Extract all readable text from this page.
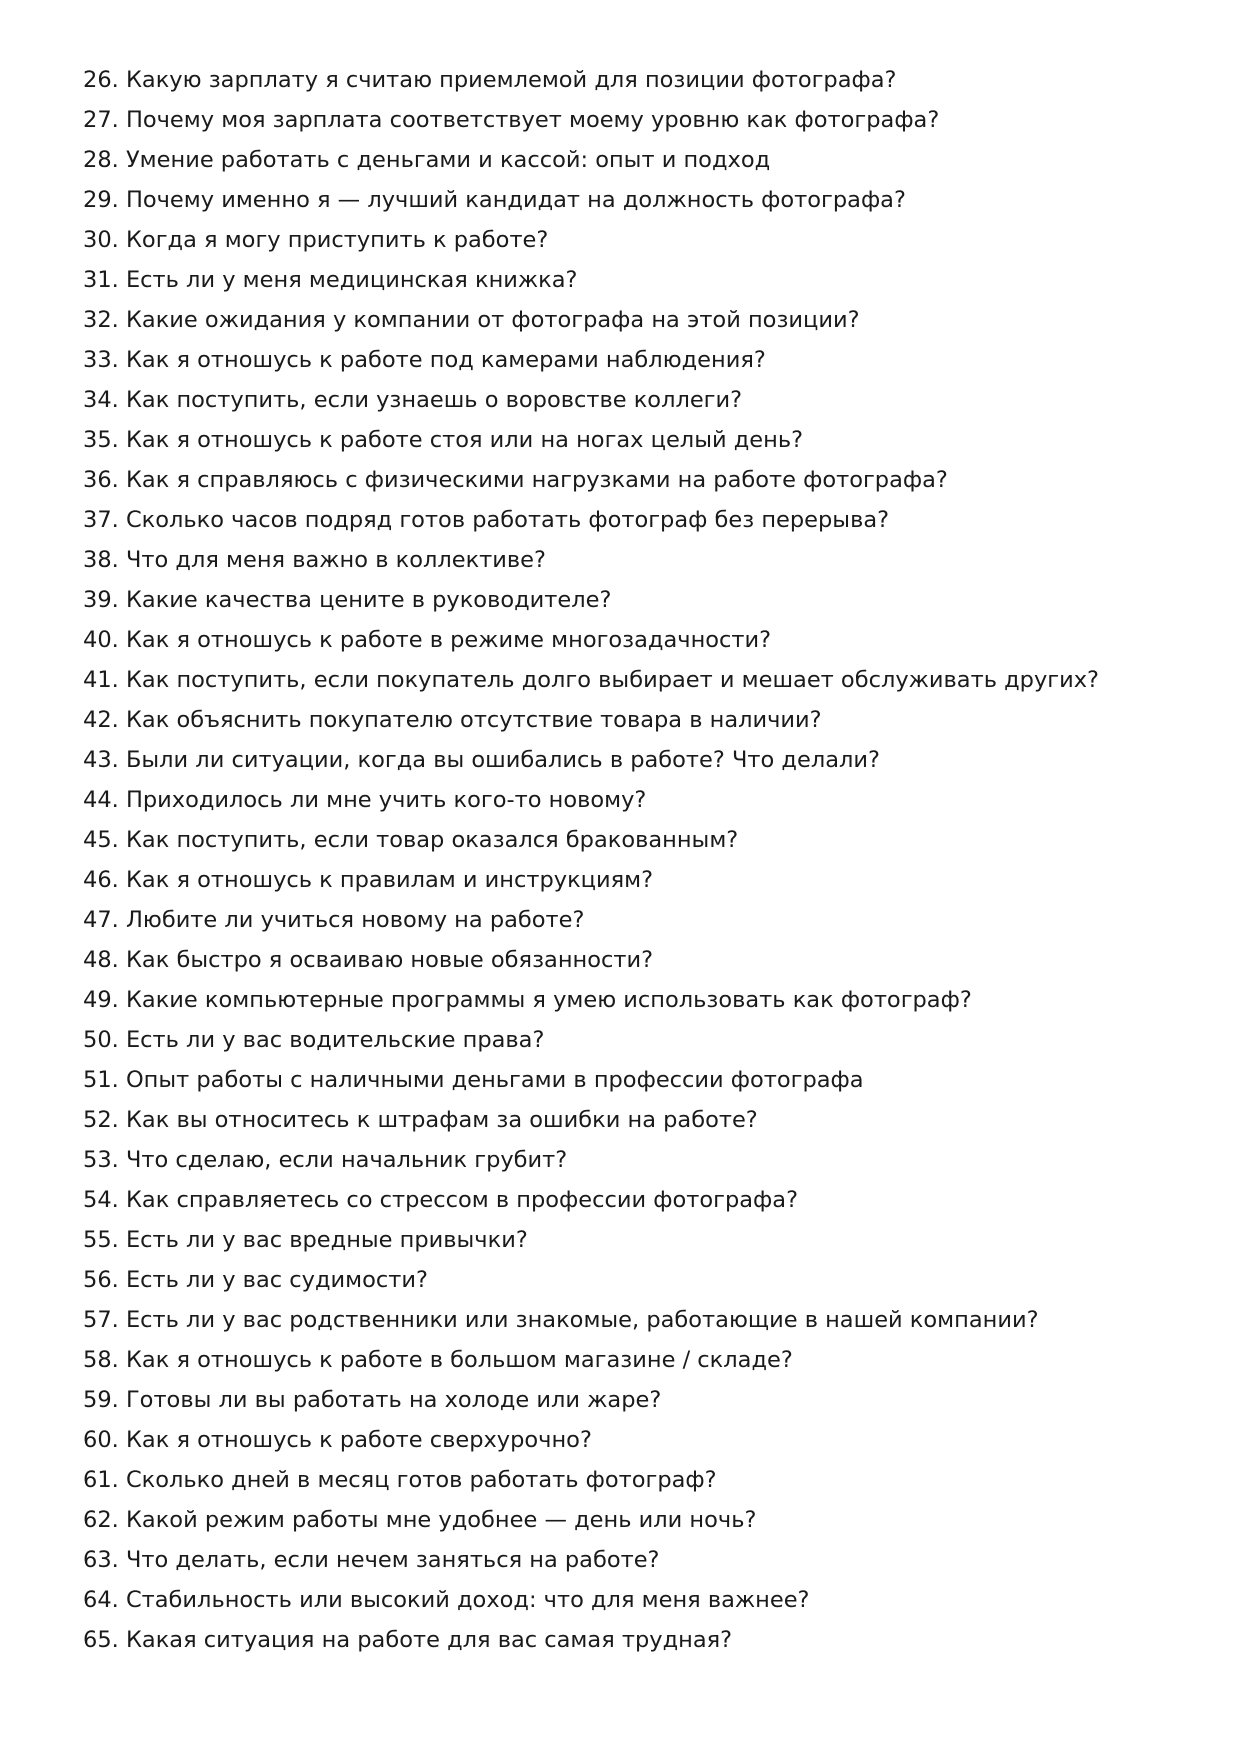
26. Какую зарплату я считаю приемлемой для позиции фотографа?
27. Почему моя зарплата соответствует моему уровню как фотографа?
28. Умение работать с деньгами и кассой: опыт и подход
29. Почему именно я — лучший кандидат на должность фотографа?
30. Когда я могу приступить к работе?
31. Есть ли у меня медицинская книжка?
32. Какие ожидания у компании от фотографа на этой позиции?
33. Как я отношусь к работе под камерами наблюдения?
34. Как поступить, если узнаешь о воровстве коллеги?
35. Как я отношусь к работе стоя или на ногах целый день?
36. Как я справляюсь с физическими нагрузками на работе фотографа?
37. Сколько часов подряд готов работать фотограф без перерыва?
38. Что для меня важно в коллективе?
39. Какие качества цените в руководителе?
40. Как я отношусь к работе в режиме многозадачности?
41. Как поступить, если покупатель долго выбирает и мешает обслуживать других?
42. Как объяснить покупателю отсутствие товара в наличии?
43. Были ли ситуации, когда вы ошибались в работе? Что делали?
44. Приходилось ли мне учить кого-то новому?
45. Как поступить, если товар оказался бракованным?
46. Как я отношусь к правилам и инструкциям?
47. Любите ли учиться новому на работе?
48. Как быстро я осваиваю новые обязанности?
49. Какие компьютерные программы я умею использовать как фотограф?
50. Есть ли у вас водительские права?
51. Опыт работы с наличными деньгами в профессии фотографа
52. Как вы относитесь к штрафам за ошибки на работе?
53. Что сделаю, если начальник грубит?
54. Как справляетесь со стрессом в профессии фотографа?
55. Есть ли у вас вредные привычки?
56. Есть ли у вас судимости?
57. Есть ли у вас родственники или знакомые, работающие в нашей компании?
58. Как я отношусь к работе в большом магазине / складе?
59. Готовы ли вы работать на холоде или жаре?
60. Как я отношусь к работе сверхурочно?
61. Сколько дней в месяц готов работать фотограф?
62. Какой режим работы мне удобнее — день или ночь?
63. Что делать, если нечем заняться на работе?
64. Стабильность или высокий доход: что для меня важнее?
65. Какая ситуация на работе для вас самая трудная?
